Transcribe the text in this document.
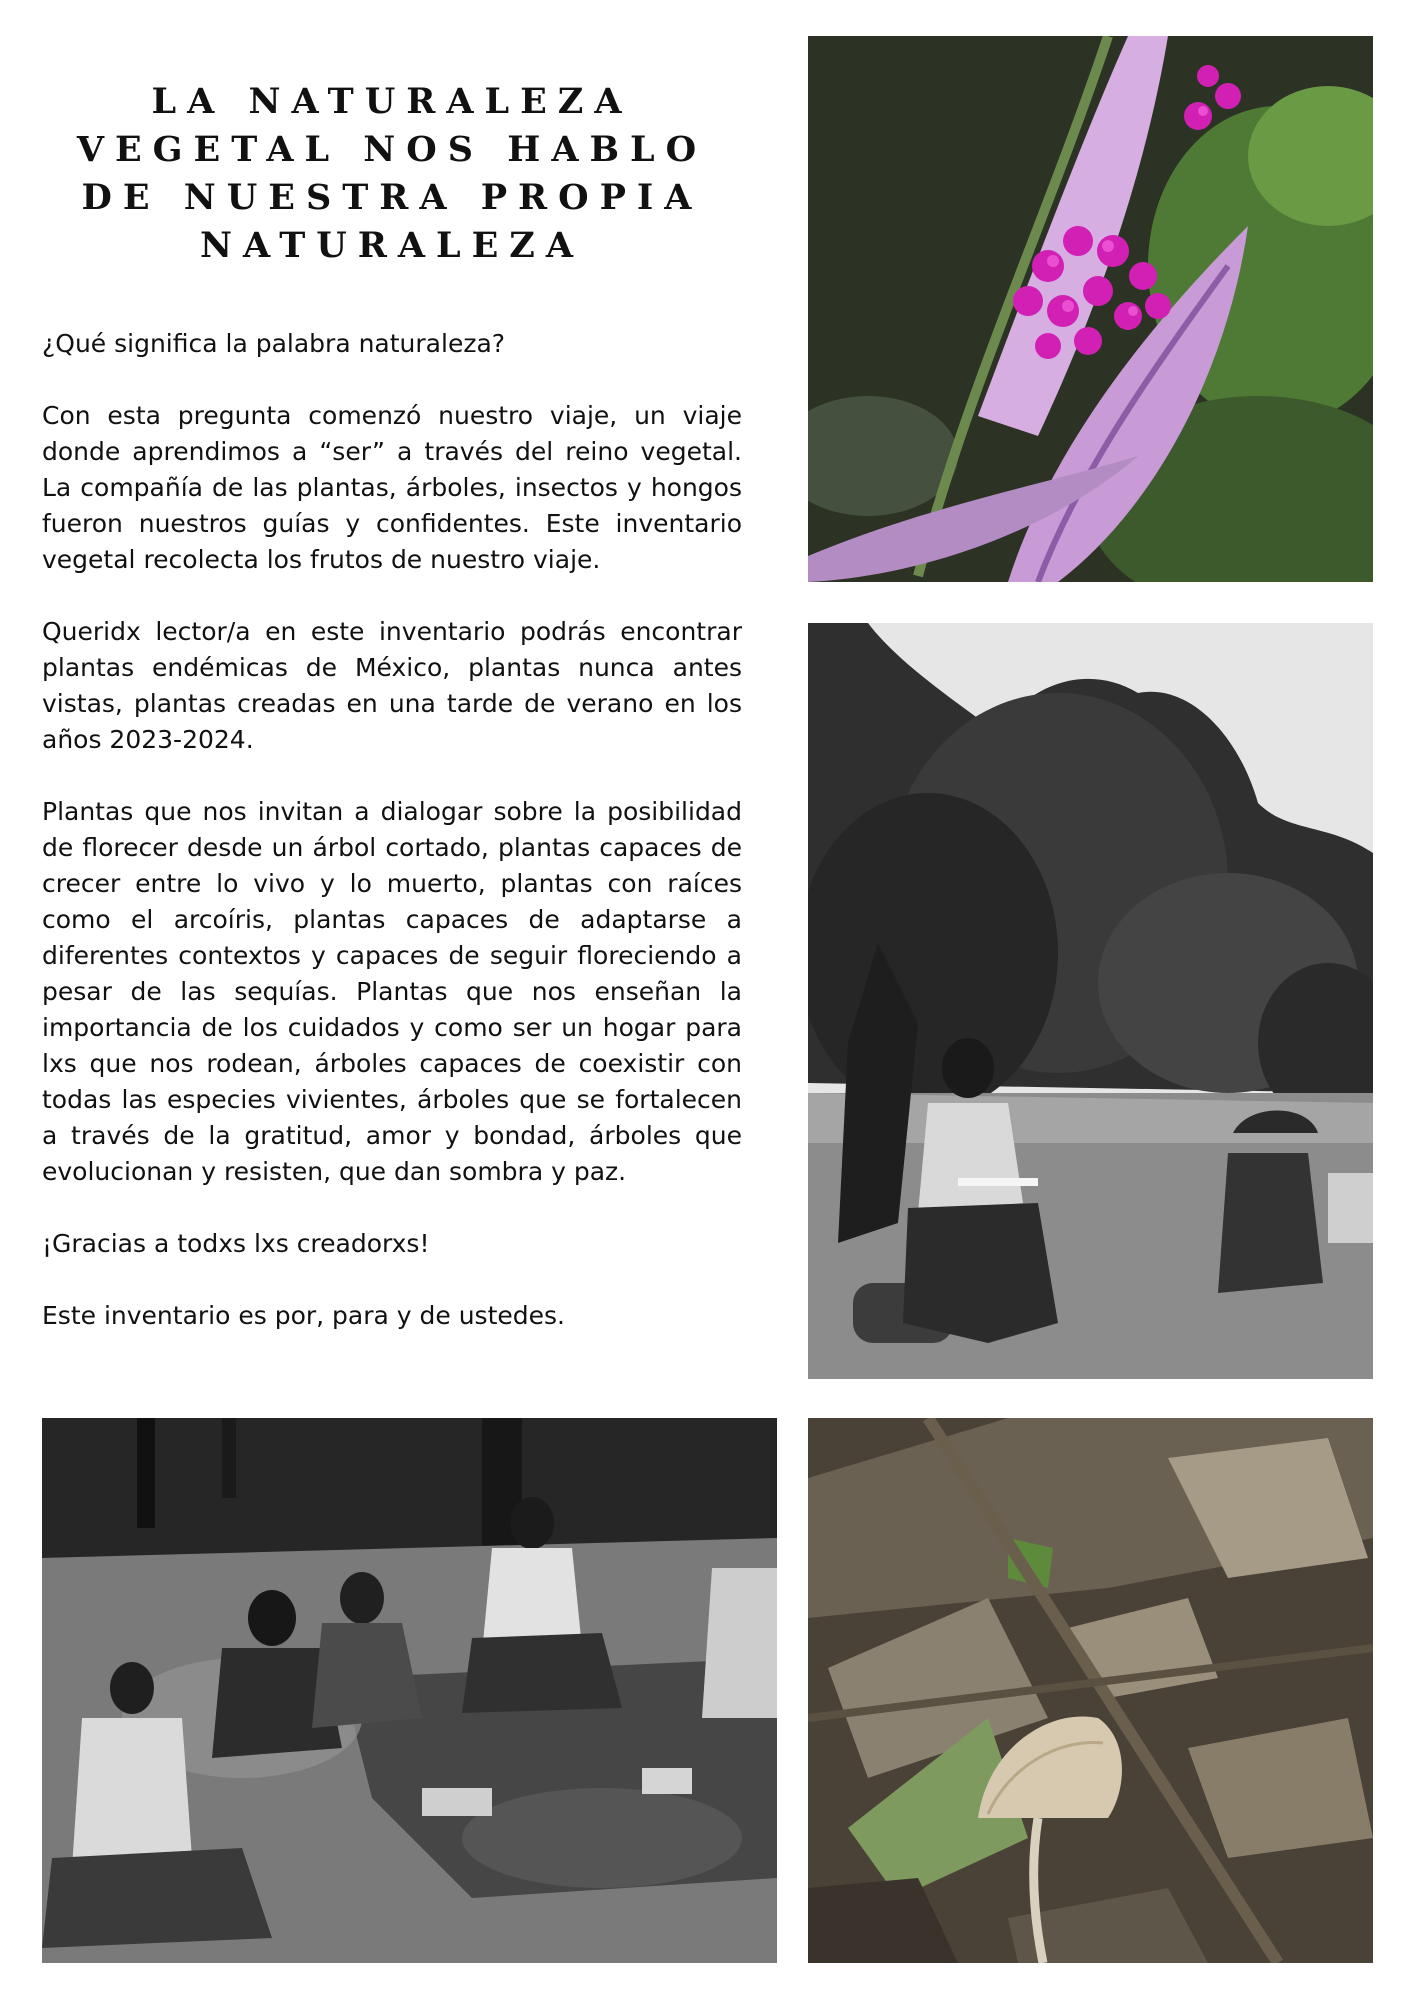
LA NATURALEZA
VEGETAL NOS HABLO
DE NUESTRA PROPIA
NATURALEZA

¿Qué significa la palabra naturaleza?

Con esta pregunta comenzó nuestro viaje, un viaje donde aprendimos a “ser” a través del reino vegetal. La compañía de las plantas, árboles, insectos y hongos fueron nuestros guías y confidentes. Este inventario vegetal recolecta los frutos de nuestro viaje.

Queridx lector/a en este inventario podrás encontrar plantas endémicas de México, plantas nunca antes vistas, plantas creadas en una tarde de verano en los años 2023-2024.

Plantas que nos invitan a dialogar sobre la posibilidad de florecer desde un árbol cortado, plantas capaces de crecer entre lo vivo y lo muerto, plantas con raíces como el arcoíris, plantas capaces de adaptarse a diferentes contextos y capaces de seguir floreciendo a pesar de las sequías. Plantas que nos enseñan la importancia de los cuidados y como ser un hogar para lxs que nos rodean, árboles capaces de coexistir con todas las especies vivientes, árboles que se fortalecen a través de la gratitud, amor y bondad, árboles que evolucionan y resisten, que dan sombra y paz.

¡Gracias a todxs lxs creadorxs!

Este inventario es por, para y de ustedes.
